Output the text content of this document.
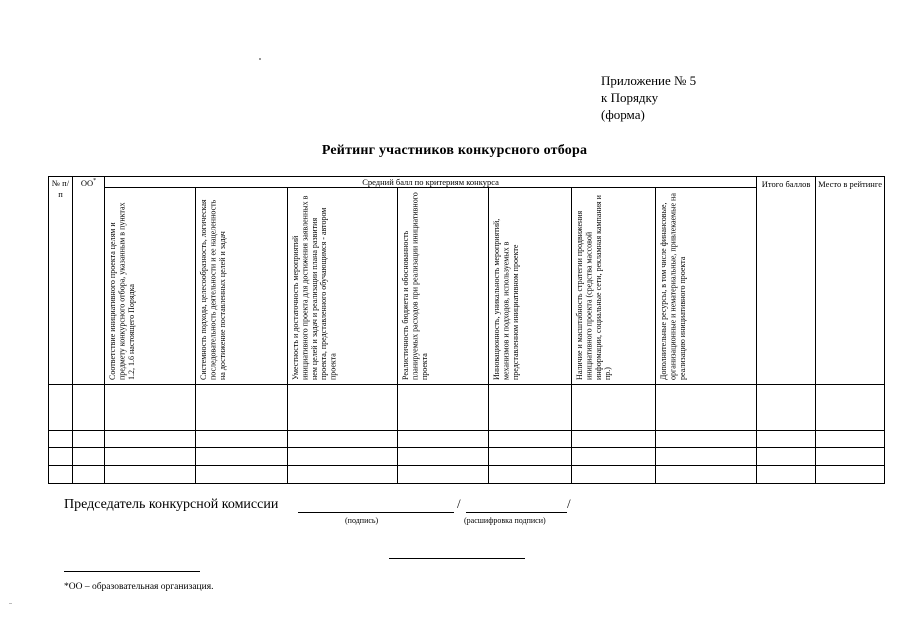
Приложение № 5
к Порядку
(форма)
Рейтинг участников конкурсного отбора
№ п/ п	ОО*	Средний балл по критериям конкурса							Итого баллов	Место в рейтинге

		Соответствие инициативного проекта целям и предмету конкурсного отбора, указанным в пунктах 1.2, 1.6 настоящего Порядка	Системность подхода, целесообразность, логическая последовательность деятельности и ее нацеленность на достижение поставленных целей и задач	Уместность и достаточность мероприятий инициативного проекта для достижения заявленных в нем целей и задач и реализации плана развития проекта, представленного обучающимся - автором проекта	Реалистичность бюджета и обоснованность планируемых расходов при реализации инициативного проекта	Инновационность, уникальность мероприятий, механизмов и подходов, используемых в представленном инициативном проекте	Наличие и масштабность стратегии продвижения инициативного проекта (средства массовой информации, социальные сети, рекламная кампания и пр.)	Дополнительные ресурсы, в том числе финансовые, организационные и нематериальные, привлекаемые на реализацию инициативного проекта		

Председатель конкурсной комиссии	/	/
(подпись)	(расшифровка подписи)
*ОО – образовательная организация.
